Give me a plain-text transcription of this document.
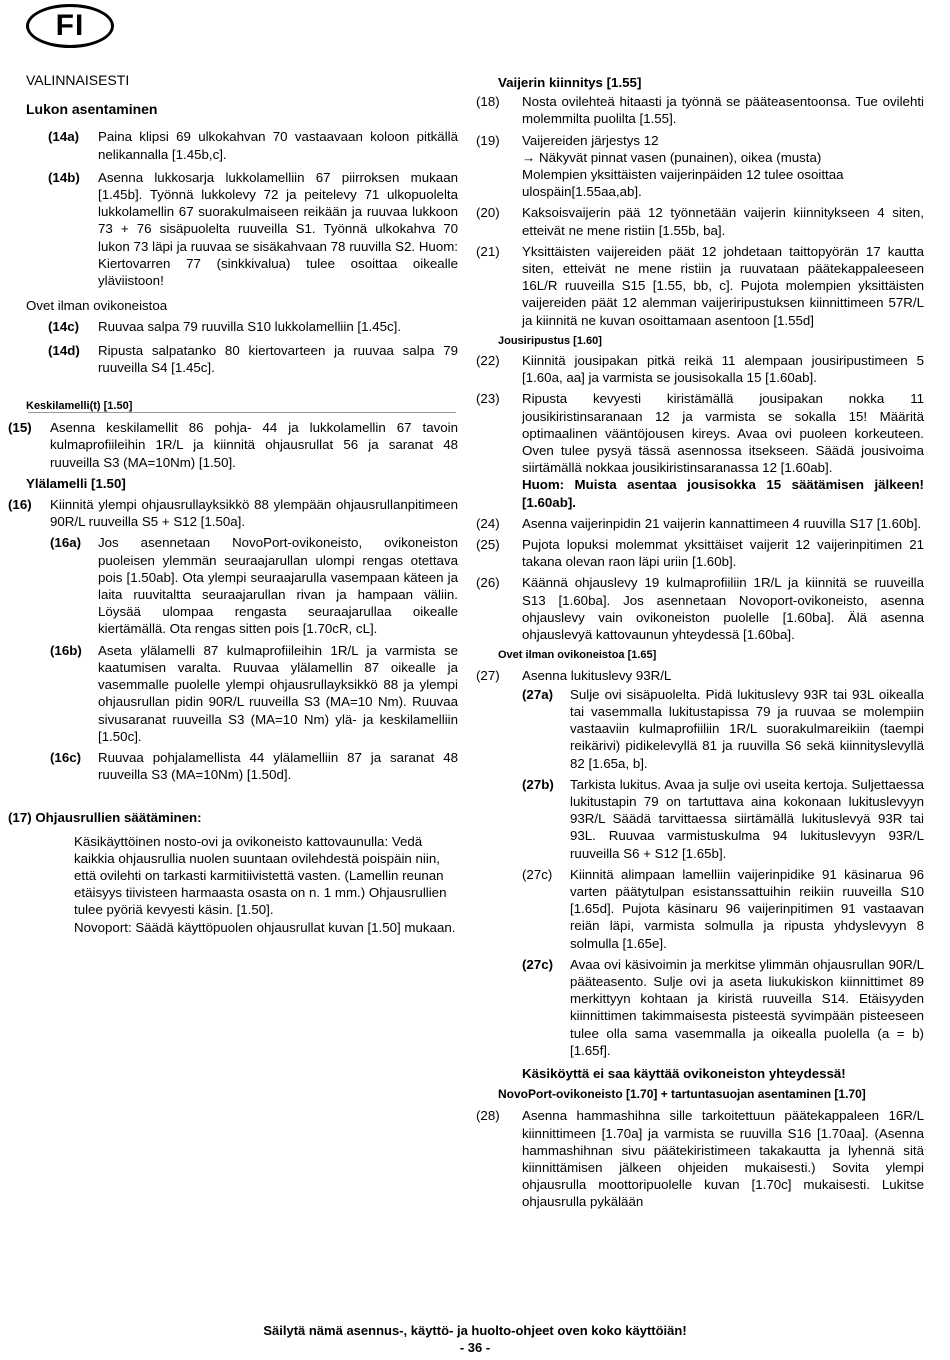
FI

VALINNAISESTI

Lukon asentaminen

(14a)	Paina klipsi 69 ulkokahvan 70 vastaavaan koloon pitkällä nelikannalla [1.45b,c].
(14b)	Asenna lukkosarja lukkolamelliin 67 piirroksen mukaan [1.45b]. Työnnä lukkolevy 72 ja peitelevy 71 ulkopuolelta lukkolamellin 67 suorakulmaiseen reikään ja ruuvaa lukkoon 73 + 76 sisäpuolelta ruuveilla S1. Työnnä ulkokahva 70 lukon 73 läpi ja ruuvaa se sisäkahvaan 78 ruuvilla S2. Huom: Kiertovarren 77 (sinkkivalua) tulee osoittaa oikealle yläviistoon!

Ovet ilman ovikoneistoa

(14c)	Ruuvaa salpa 79 ruuvilla S10 lukkolamelliin [1.45c].
(14d)	Ripusta salpatanko 80 kiertovarteen ja ruuvaa salpa 79 ruuveilla S4 [1.45c].

Keskilamelli(t) [1.50]

(15)	Asenna keskilamellit 86 pohja- 44 ja lukkolamellin 67 tavoin kulmaprofiileihin 1R/L ja kiinnitä ohjausrullat 56 ja saranat 48 ruuveilla S3 (MA=10Nm) [1.50].

Ylälamelli [1.50]

(16)	Kiinnitä ylempi ohjausrullayksikkö 88 ylempään ohjausrullanpitimeen 90R/L ruuveilla S5 + S12 [1.50a].
(16a)	Jos asennetaan NovoPort-ovikoneisto, ovikoneiston puoleisen ylemmän seuraajarullan ulompi rengas otettava pois [1.50ab]. Ota ylempi seuraajarulla vasempaan käteen ja laita ruuvitaltta seuraajarullan rivan ja hampaan väliin. Löysää ulompaa rengasta seuraajarullaa oikealle kiertämällä. Ota rengas sitten pois [1.70cR, cL].
(16b)	Aseta ylälamelli 87 kulmaprofiileihin 1R/L ja varmista se kaatumisen varalta. Ruuvaa ylälamellin 87 oikealle ja vasemmalle puolelle ylempi ohjausrullayksikkö 88 ja ylempi ohjausrullan pidin 90R/L ruuveilla S3 (MA=10 Nm). Ruuvaa sivusaranat ruuveilla S3 (MA=10 Nm) ylä- ja keskilamelliin [1.50c].
(16c)	Ruuvaa pohjalamellista 44 ylälamelliin 87 ja saranat 48 ruuveilla S3 (MA=10Nm) [1.50d].

(17) Ohjausrullien säätäminen:

Käsikäyttöinen nosto-ovi ja ovikoneisto kattovaunulla: Vedä kaikkia ohjausrullia nuolen suuntaan ovilehdestä poispäin niin, että ovilehti on tarkasti karmitiivistettä vasten. (Lamellin reunan etäisyys tiivisteen harmaasta osasta on n. 1 mm.) Ohjausrullien tulee pyöriä kevyesti käsin. [1.50].

Novoport: Säädä käyttöpuolen ohjausrullat kuvan [1.50] mukaan.

Vaijerin kiinnitys [1.55]

(18)	Nosta ovilehteä hitaasti ja työnnä se pääteasentoonsa. Tue ovilehti molemmilta puolilta [1.55].
(19)	Vaijereiden järjestys 12
→ Näkyvät pinnat vasen (punainen), oikea (musta)
Molempien yksittäisten vaijerinpäiden 12 tulee osoittaa ulospäin[1.55aa,ab].
(20)	Kaksoisvaijerin pää 12 työnnetään vaijerin kiinnitykseen 4 siten, etteivät ne mene ristiin [1.55b, ba].
(21)	Yksittäisten vaijereiden päät 12 johdetaan taittopyörän 17 kautta siten, etteivät ne mene ristiin ja ruuvataan päätekappaleeseen 16L/R ruuveilla S15 [1.55, bb, c]. Pujota molempien yksittäisten vaijereiden päät 12 alemman vaijeriripustuksen kiinnittimeen 57R/L ja kiinnitä ne kuvan osoittamaan asentoon [1.55d]

Jousiripustus [1.60]

(22)	Kiinnitä jousipakan pitkä reikä 11 alempaan jousiripustimeen 5 [1.60a, aa] ja varmista se jousisokalla 15 [1.60ab].
(23)	Ripusta kevyesti kiristämällä jousipakan nokka 11 jousikiristinsaranaan 12 ja varmista se sokalla 15! Määritä optimaalinen vääntöjousen kireys. Avaa ovi puoleen korkeuteen. Oven tulee pysyä tässä asennossa itsekseen. Säädä jousivoima siirtämällä nokkaa jousikiristinsaranassa 12 [1.60ab].
Huom: Muista asentaa jousisokka 15 säätämisen jälkeen! [1.60ab].
(24)	Asenna vaijerinpidin 21 vaijerin kannattimeen 4 ruuvilla S17 [1.60b].
(25)	Pujota lopuksi molemmat yksittäiset vaijerit 12 vaijerinpitimen 21 takana olevan raon läpi uriin [1.60b].
(26)	Käännä ohjauslevy 19 kulmaprofiiliin 1R/L ja kiinnitä se ruuveilla S13 [1.60ba]. Jos asennetaan Novoport-ovikoneisto, asenna ohjauslevy vain ovikoneiston puolelle [1.60ba]. Älä asenna ohjauslevyä kattovaunun yhteydessä [1.60ba].

Ovet ilman ovikoneistoa [1.65]

(27)	Asenna lukituslevy 93R/L
(27a)	Sulje ovi sisäpuolelta. Pidä lukituslevy 93R tai 93L oikealla tai vasemmalla lukitustapissa 79 ja ruuvaa se molempiin vastaaviin kulmaprofiiliin 1R/L suorakulmareikiin (taempi reikärivi) pidikelevyllä 81 ja ruuvilla S6 sekä kiinnityslevyllä 82 [1.65a, b].
(27b)	Tarkista lukitus. Avaa ja sulje ovi useita kertoja. Suljettaessa lukitustapin 79 on tartuttava aina kokonaan lukituslevyyn 93R/L Säädä tarvittaessa siirtämällä lukituslevyä 93R tai 93L. Ruuvaa varmistuskulma 94 lukituslevyyn 93R/L ruuveilla S6 + S12 [1.65b].
(27c)	Kiinnitä alimpaan lamelliin vaijerinpidike 91 käsinarua 96 varten päätytulpan esistanssattuihin reikiin ruuveilla S10 [1.65d]. Pujota käsinaru 96 vaijerinpitimen 91 vastaavan reiän läpi, varmista solmulla ja ripusta yhdyslevyyn 8 solmulla [1.65e].
(27c)	Avaa ovi käsivoimin ja merkitse ylimmän ohjausrullan 90R/L pääteasento. Sulje ovi ja aseta liukukiskon kiinnittimet 89 merkittyyn kohtaan ja kiristä ruuveilla S14. Etäisyyden kiinnittimen takimmaisesta pisteestä syvimpään pisteeseen tulee olla sama vasemmalla ja oikealla puolella (a = b) [1.65f].

Käsiköyttä ei saa käyttää ovikoneiston yhteydessä!

NovoPort-ovikoneisto [1.70] + tartuntasuojan asentaminen [1.70]

(28)	Asenna hammashihna sille tarkoitettuun päätekappaleen 16R/L kiinnittimeen [1.70a] ja varmista se ruuvilla S16 [1.70aa]. (Asenna hammashihnan sivu päätekiristimeen takakautta ja lyhennä sitä kiinnittämisen jälkeen ohjeiden mukaisesti.) Sovita ylempi ohjausrulla moottoripuolelle kuvan [1.70c] mukaisesti. Lukitse ohjausrulla pykälään
Säilytä nämä asennus-, käyttö- ja huolto-ohjeet oven koko käyttöiän!
- 36 -
